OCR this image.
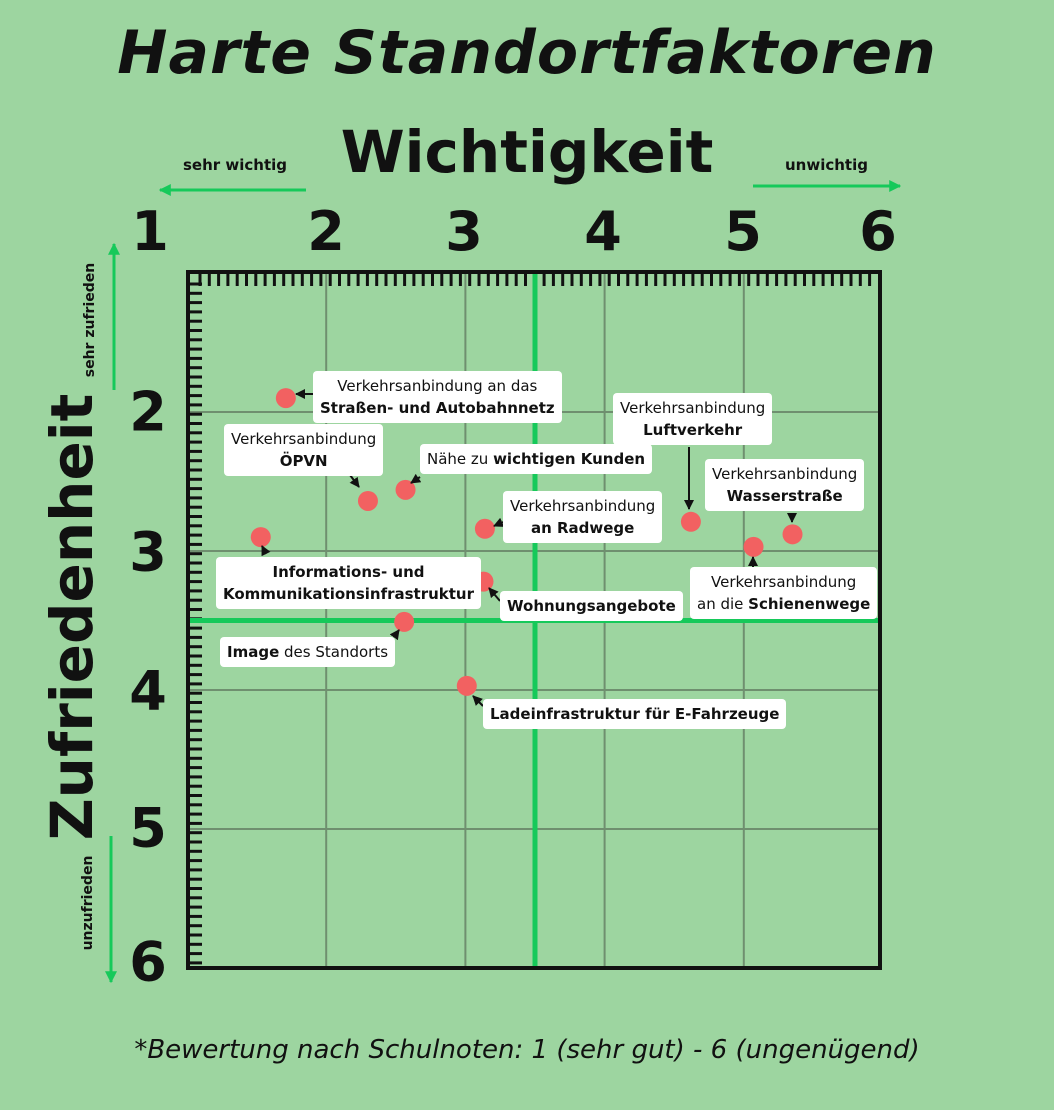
Harte Standortfaktoren
Wichtigkeit
Zufriedenheit
sehr wichtig	unwichtig
sehr zufrieden
unzufrieden
1	2 3 4 5 6
2
3
4
5
6
Verkehrsanbindung an das
Straßen- und Autobahnnetz
Verkehrsanbindung
ÖPVN	Nähe zu wichtigen Kunden
Verkehrsanbindung
an Radwege
Informations- und
Kommunikationsinfrastruktur
Wohnungsangebote
Image des Standorts
Ladeinfrastruktur für E-Fahrzeuge
Verkehrsanbindung
Luftverkehr
Verkehrsanbindung
Wasserstraße
Verkehrsanbindung
an die Schienenwege
*Bewertung nach Schulnoten: 1 (sehr gut) - 6 (ungenügend)
